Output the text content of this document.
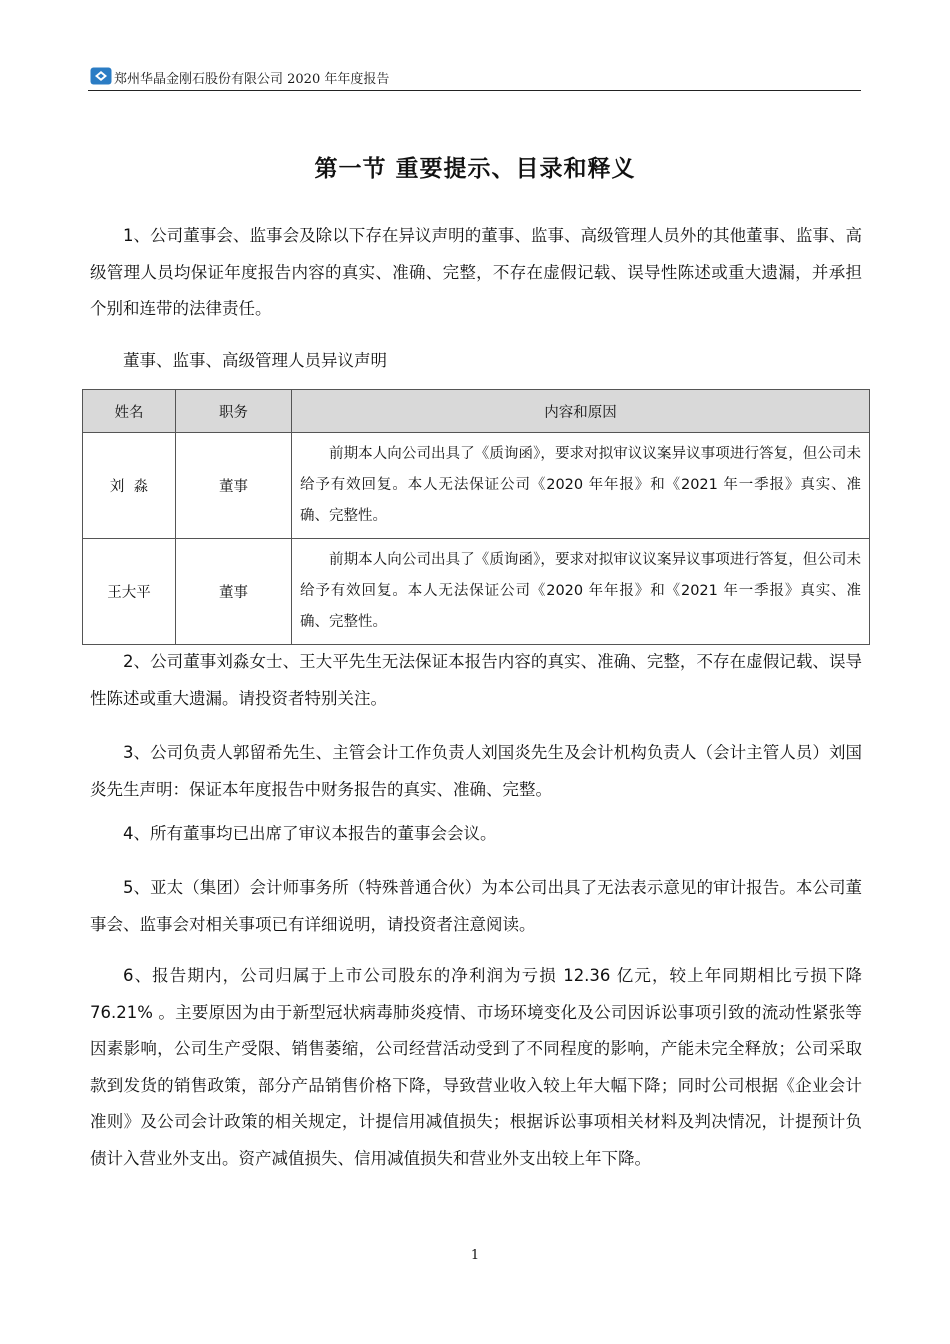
郑州华晶金刚石股份有限公司 2020 年年度报告
第一节 重要提示、目录和释义

1、公司董事会、监事会及除以下存在异议声明的董事、监事、高级管理人员外的其他董事、监事、高级管理人员均保证年度报告内容的真实、准确、完整，不存在虚假记载、误导性陈述或重大遗漏，并承担个别和连带的法律责任。

董事、监事、高级管理人员异议声明

姓名	职务	内容和原因
刘  淼	董事	前期本人向公司出具了《质询函》，要求对拟审议议案异议事项进行答复，但公司未给予有效回复。本人无法保证公司《2020 年年报》和《2021 年一季报》真实、准确、完整性。
王大平	董事	前期本人向公司出具了《质询函》，要求对拟审议议案异议事项进行答复，但公司未给予有效回复。本人无法保证公司《2020 年年报》和《2021 年一季报》真实、准确、完整性。

2、公司董事刘淼女士、王大平先生无法保证本报告内容的真实、准确、完整，不存在虚假记载、误导性陈述或重大遗漏。请投资者特别关注。

3、公司负责人郭留希先生、主管会计工作负责人刘国炎先生及会计机构负责人（会计主管人员）刘国炎先生声明：保证本年度报告中财务报告的真实、准确、完整。

4、所有董事均已出席了审议本报告的董事会会议。

5、亚太（集团）会计师事务所（特殊普通合伙）为本公司出具了无法表示意见的审计报告。本公司董事会、监事会对相关事项已有详细说明，请投资者注意阅读。

6、报告期内，公司归属于上市公司股东的净利润为亏损 12.36 亿元，较上年同期相比亏损下降 76.21% 。主要原因为由于新型冠状病毒肺炎疫情、市场环境变化及公司因诉讼事项引致的流动性紧张等因素影响，公司生产受限、销售萎缩，公司经营活动受到了不同程度的影响，产能未完全释放；公司采取款到发货的销售政策，部分产品销售价格下降，导致营业收入较上年大幅下降；同时公司根据《企业会计准则》及公司会计政策的相关规定，计提信用减值损失；根据诉讼事项相关材料及判决情况，计提预计负债计入营业外支出。资产减值损失、信用减值损失和营业外支出较上年下降。

1
